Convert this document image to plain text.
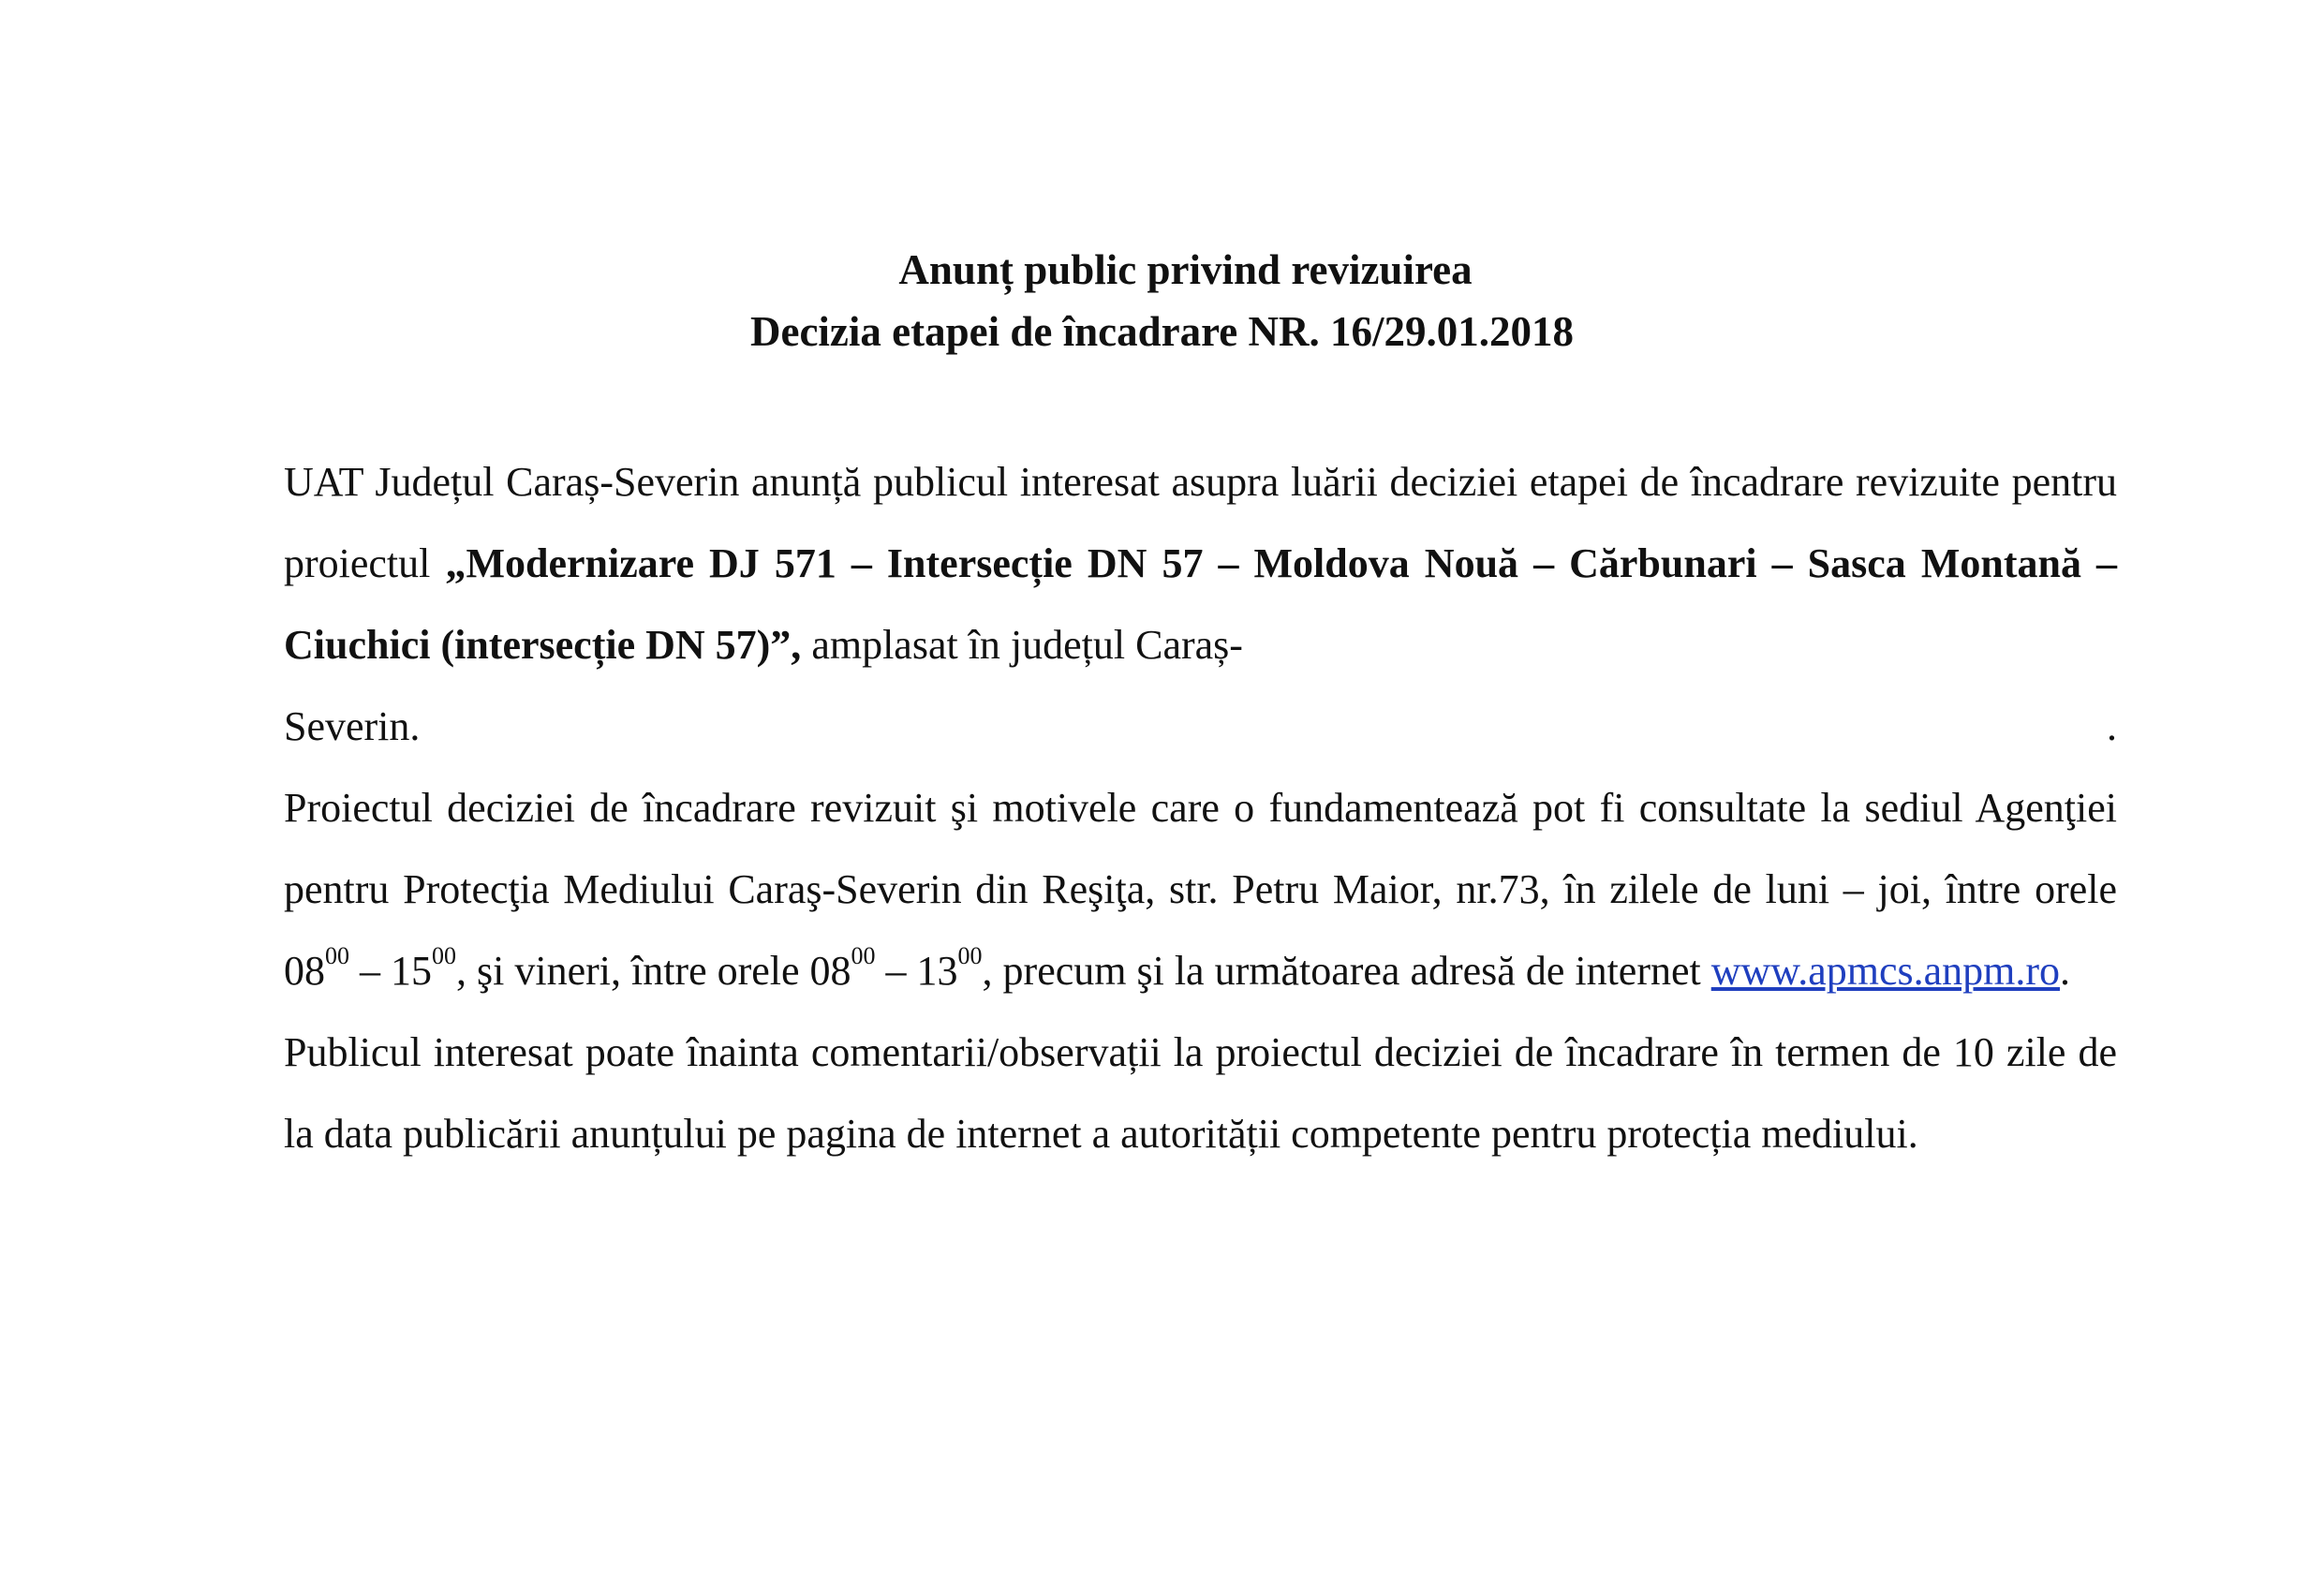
Anunț public privind revizuirea
Decizia etapei de încadrare NR. 16/29.01.2018

UAT Județul Caraș-Severin anunță publicul interesat asupra luării deciziei etapei de încadrare revizuite pentru proiectul „Modernizare DJ 571 – Intersecție DN 57 – Moldova Nouă – Cărbunari – Sasca Montană – Ciuchici (intersecție DN 57)”, amplasat în județul Caraș-
Severin.	.

Proiectul deciziei de încadrare revizuit şi motivele care o fundamentează pot fi consultate la sediul Agenţiei pentru Protecţia Mediului Caraş-Severin din Reşiţa, str. Petru Maior, nr.73, în zilele de luni – joi, între orele $08^{00} - 15^{00}$, şi vineri, între orele $08^{00} - 13^{00}$, precum şi la următoarea adresă de internet www.apmcs.anpm.ro.

Publicul interesat poate înainta comentarii/observații la proiectul deciziei de încadrare în termen de 10 zile de la data publicării anunțului pe pagina de internet a autorității competente pentru protecția mediului.
